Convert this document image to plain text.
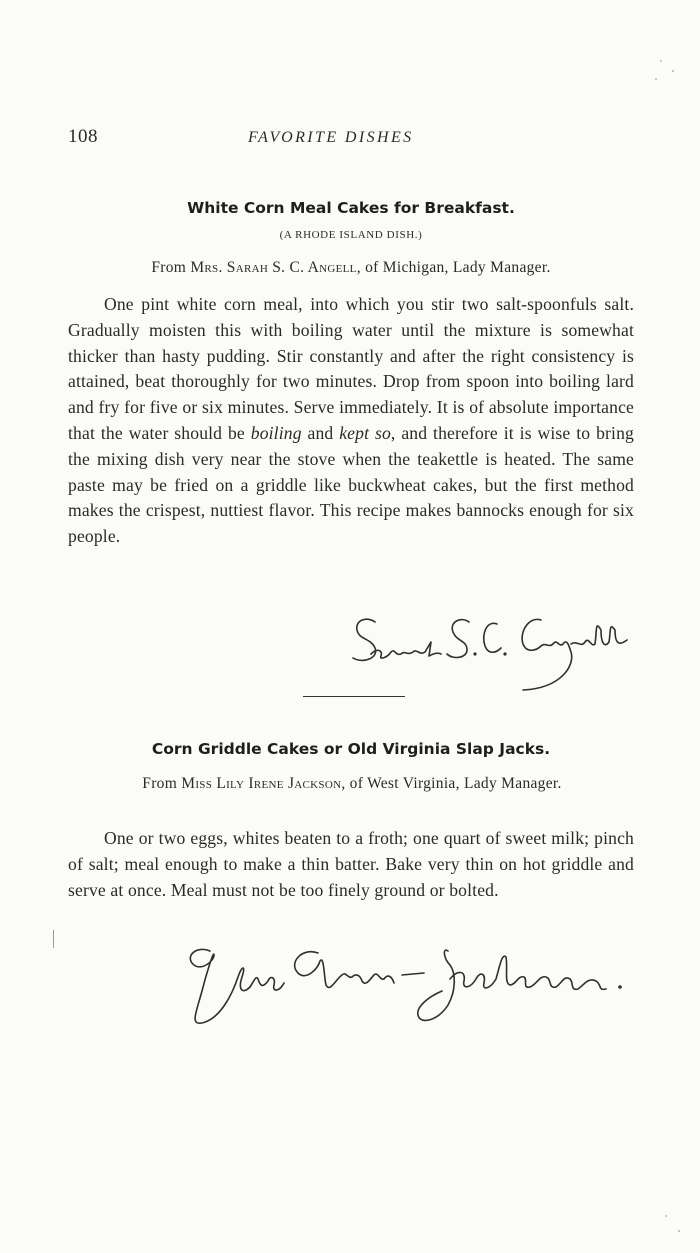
108	FAVORITE DISHES
White Corn Meal Cakes for Breakfast.
(A RHODE ISLAND DISH.)
From Mrs. Sarah S. C. Angell, of Michigan, Lady Manager.
One pint white corn meal, into which you stir two salt-spoonfuls salt. Gradually moisten this with boiling water until the mixture is somewhat thicker than hasty pudding. Stir constantly and after the right consistency is attained, beat thoroughly for two minutes. Drop from spoon into boiling lard and fry for five or six minutes. Serve immediately. It is of absolute importance that the water should be boiling and kept so, and therefore it is wise to bring the mixing dish very near the stove when the teakettle is heated. The same paste may be fried on a griddle like buckwheat cakes, but the first method makes the crispest, nuttiest flavor. This recipe makes bannocks enough for six people.
Corn Griddle Cakes or Old Virginia Slap Jacks.
From Miss Lily Irene Jackson, of West Virginia, Lady Manager.
One or two eggs, whites beaten to a froth; one quart of sweet milk; pinch of salt; meal enough to make a thin batter. Bake very thin on hot griddle and serve at once. Meal must not be too finely ground or bolted.
